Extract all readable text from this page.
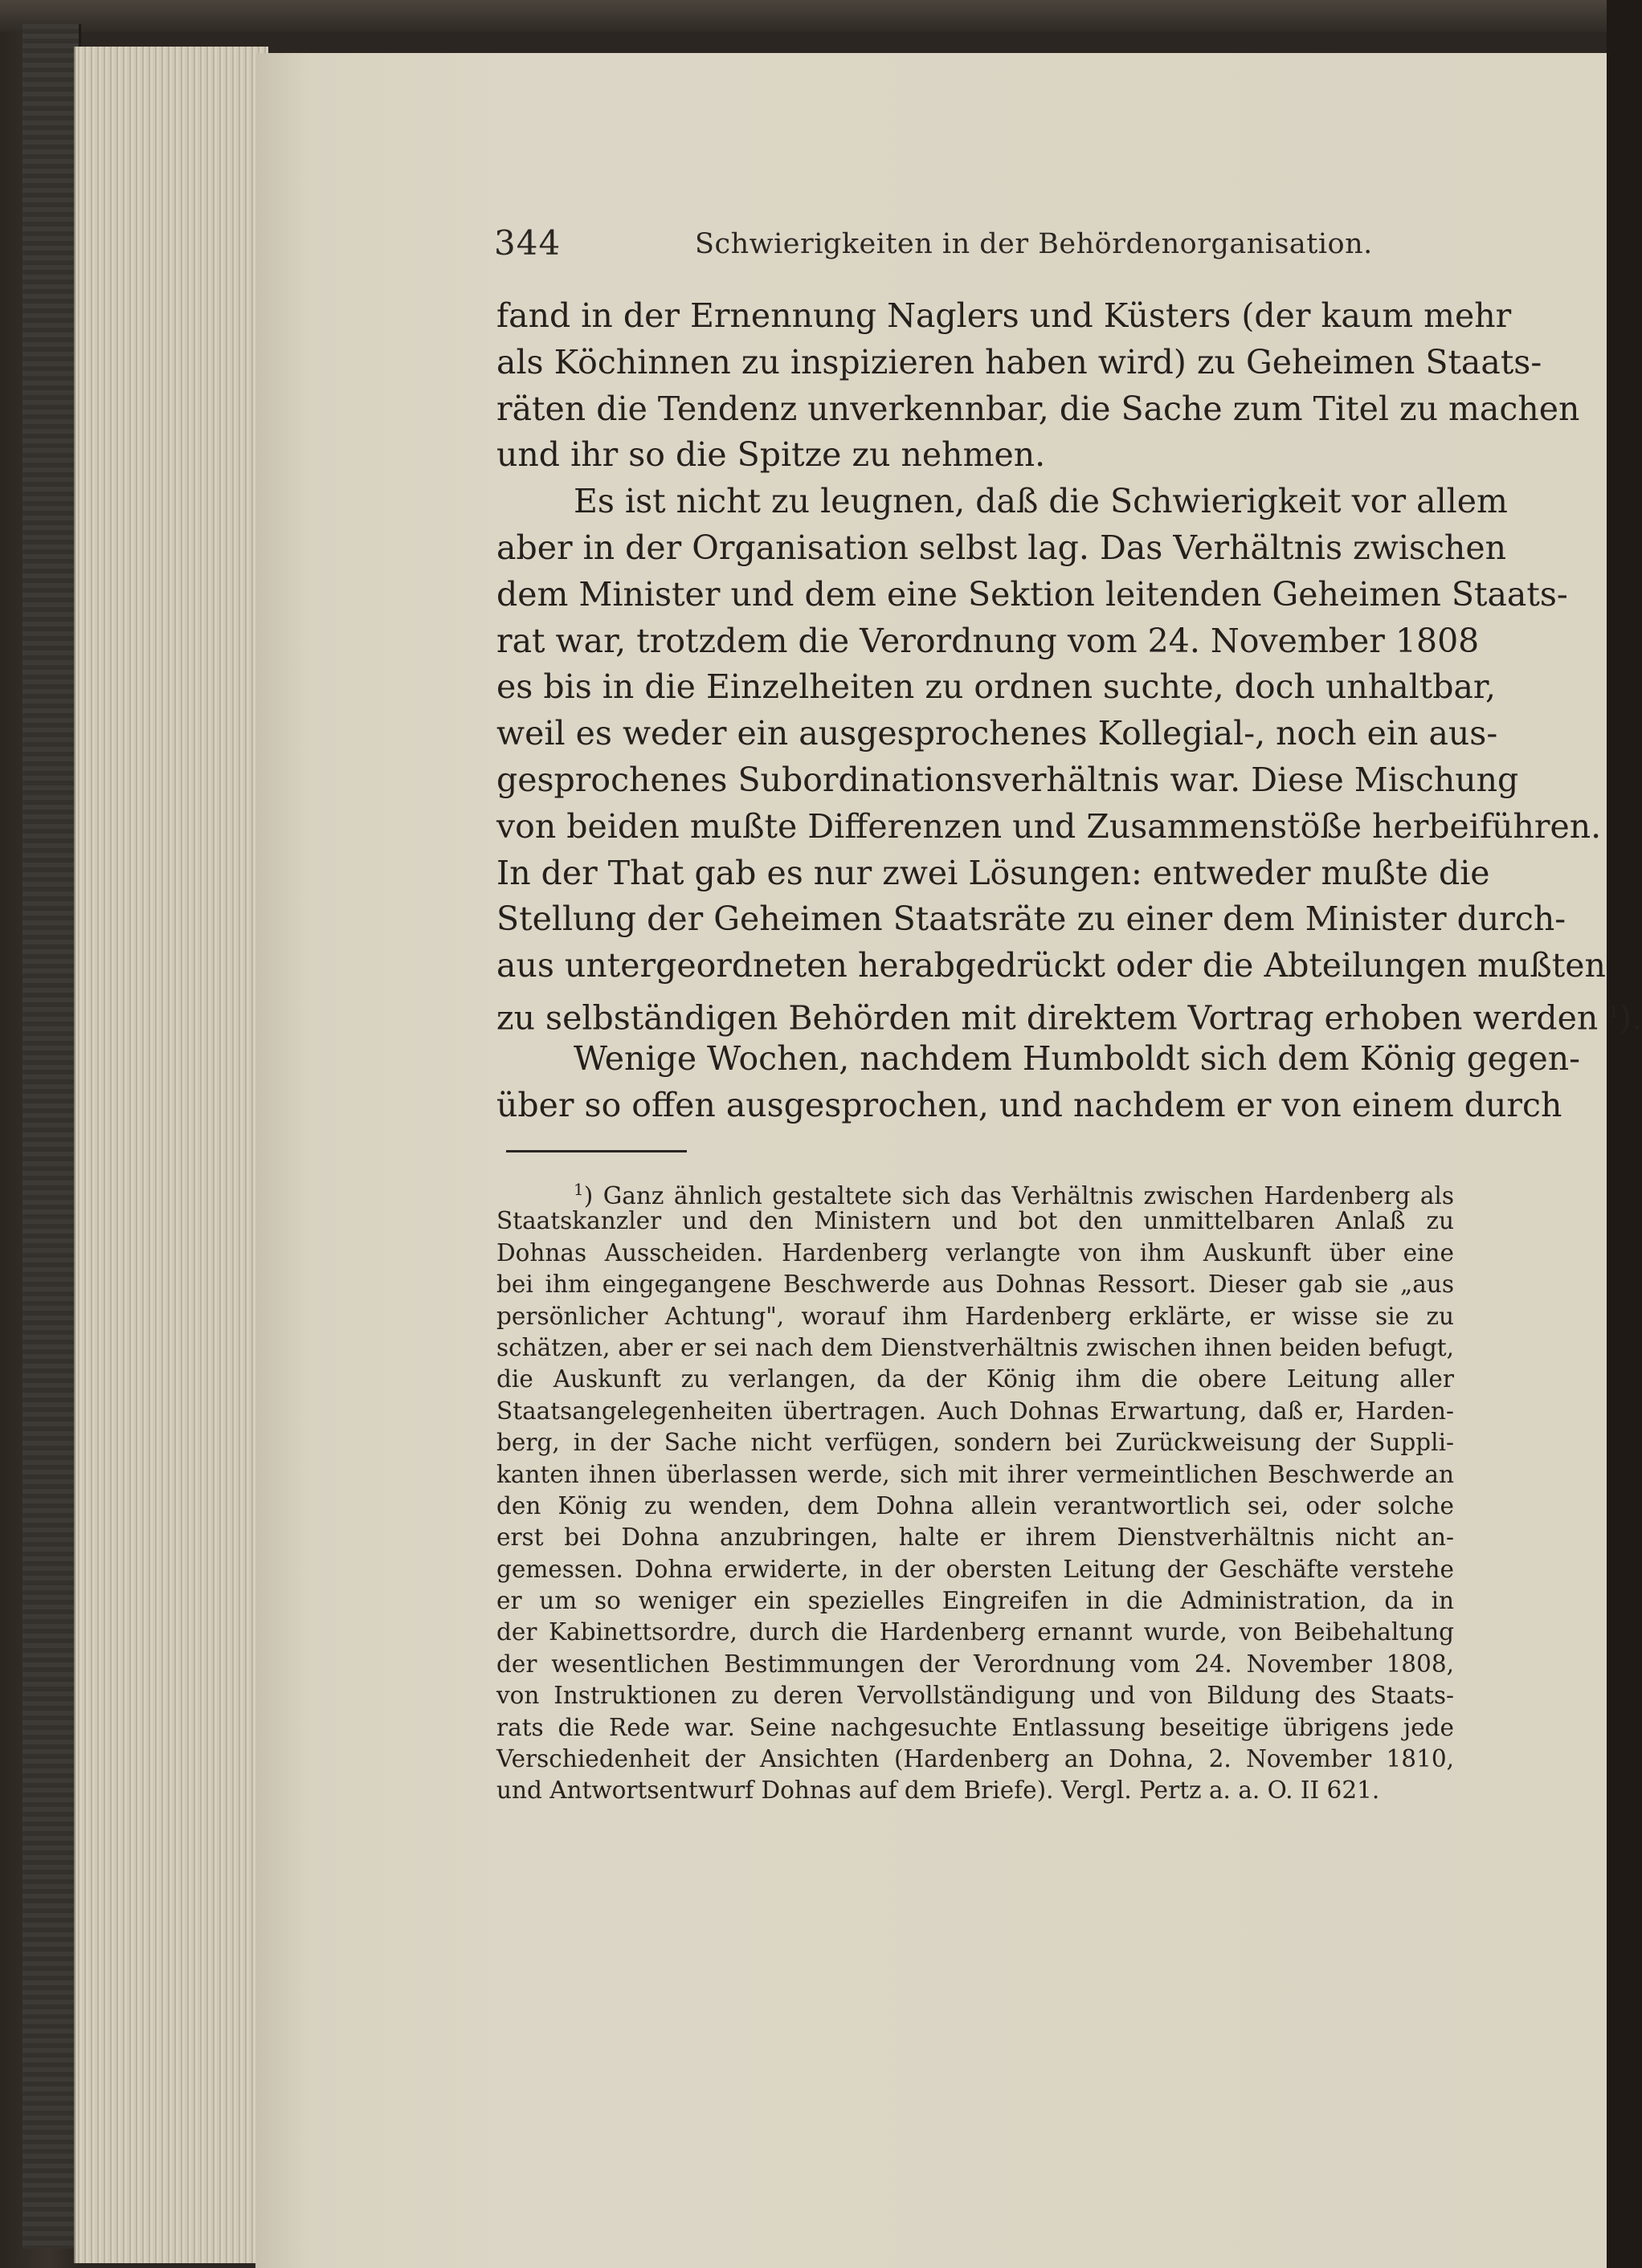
344	Schwierigkeiten in der Behördenorganisation.
fand in der Ernennung Naglers und Küsters (der kaum mehr
als Köchinnen zu inspizieren haben wird) zu Geheimen Staats-
räten die Tendenz unverkennbar, die Sache zum Titel zu machen
und ihr so die Spitze zu nehmen.
Es ist nicht zu leugnen, daß die Schwierigkeit vor allem
aber in der Organisation selbst lag. Das Verhältnis zwischen
dem Minister und dem eine Sektion leitenden Geheimen Staats-
rat war, trotzdem die Verordnung vom 24. November 1808
es bis in die Einzelheiten zu ordnen suchte, doch unhaltbar,
weil es weder ein ausgesprochenes Kollegial-, noch ein aus-
gesprochenes Subordinationsverhältnis war. Diese Mischung
von beiden mußte Differenzen und Zusammenstöße herbeiführen.
In der That gab es nur zwei Lösungen: entweder mußte die
Stellung der Geheimen Staatsräte zu einer dem Minister durch-
aus untergeordneten herabgedrückt oder die Abteilungen mußten
zu selbständigen Behörden mit direktem Vortrag erhoben werden $^1$).
Wenige Wochen, nachdem Humboldt sich dem König gegen-
über so offen ausgesprochen, und nachdem er von einem durch
$^1$) Ganz ähnlich gestaltete sich das Verhältnis zwischen Hardenberg als
Staatskanzler und den Ministern und bot den unmittelbaren Anlaß zu
Dohnas Ausscheiden. Hardenberg verlangte von ihm Auskunft über eine
bei ihm eingegangene Beschwerde aus Dohnas Ressort. Dieser gab sie „aus
persönlicher Achtung", worauf ihm Hardenberg erklärte, er wisse sie zu
schätzen, aber er sei nach dem Dienstverhältnis zwischen ihnen beiden befugt,
die Auskunft zu verlangen, da der König ihm die obere Leitung aller
Staatsangelegenheiten übertragen. Auch Dohnas Erwartung, daß er, Harden-
berg, in der Sache nicht verfügen, sondern bei Zurückweisung der Suppli-
kanten ihnen überlassen werde, sich mit ihrer vermeintlichen Beschwerde an
den König zu wenden, dem Dohna allein verantwortlich sei, oder solche
erst bei Dohna anzubringen, halte er ihrem Dienstverhältnis nicht an-
gemessen. Dohna erwiderte, in der obersten Leitung der Geschäfte verstehe
er um so weniger ein spezielles Eingreifen in die Administration, da in
der Kabinettsordre, durch die Hardenberg ernannt wurde, von Beibehaltung
der wesentlichen Bestimmungen der Verordnung vom 24. November 1808,
von Instruktionen zu deren Vervollständigung und von Bildung des Staats-
rats die Rede war. Seine nachgesuchte Entlassung beseitige übrigens jede
Verschiedenheit der Ansichten (Hardenberg an Dohna, 2. November 1810,
und Antwortsentwurf Dohnas auf dem Briefe). Vergl. Pertz a. a. O. II 621.
